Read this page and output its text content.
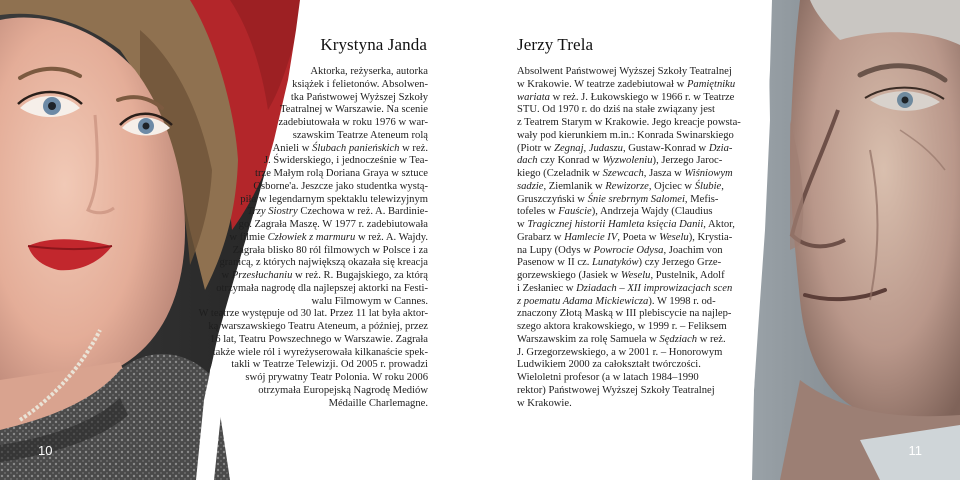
Krystyna Janda
Aktorka, reżyserka, autorka
książek i felietonów. Absolwen-
tka Państwowej Wyższej Szkoły
Teatralnej w Warszawie. Na scenie
zadebiutowała w roku 1976 w war-
szawskim Teatrze Ateneum rolą
Anieli w Ślubach panieńskich w reż.
J. Świderskiego, i jednocześnie w Tea-
trze Małym rolą Doriana Graya w sztuce
Osborne'a. Jeszcze jako studentka wystą-
piła w legendarnym spektaklu telewizyjnym
Trzy Siostry Czechowa w reż. A. Bardinie-
go. Zagrała Maszę. W 1977 r. zadebiutowała
w filmie Człowiek z marmuru w reż. A. Wajdy.
Zagrała blisko 80 ról filmowych w Polsce i za
granicą, z których największą okazała się kreacja
w Przesłuchaniu w reż. R. Bugajskiego, za którą
otrzymała nagrodę dla najlepszej aktorki na Festi-
walu Filmowym w Cannes.
W teatrze występuje od 30 lat. Przez 11 lat była aktor-
ką warszawskiego Teatru Ateneum, a później, przez
16 lat, Teatru Powszechnego w Warszawie. Zagrała
także wiele ról i wyreżyserowała kilkanaście spek-
takli w Teatrze Telewizji. Od 2005 r. prowadzi
swój prywatny Teatr Polonia. W roku 2006
otrzymała Europejską Nagrodę Mediów
Médaille Charlemagne.
10
Jerzy Trela
Absolwent Państwowej Wyższej Szkoły Teatralnej
w Krakowie. W teatrze zadebiutował w Pamiętniku
wariata w reż. J. Łukowskiego w 1966 r. w Teatrze
STU. Od 1970 r. do dziś na stałe związany jest
z Teatrem Starym w Krakowie. Jego kreacje powsta-
wały pod kierunkiem m.in.: Konrada Swinarskiego
(Piotr w Zegnaj, Judaszu, Gustaw-Konrad w Dzia-
dach czy Konrad w Wyzwoleniu), Jerzego Jaroc-
kiego (Czeladnik w Szewcach, Jasza w Wiśniowym
sadzie, Ziemlanik w Rewizorze, Ojciec w Ślubie,
Gruszczyński w Śnie srebrnym Salomei, Mefis-
tofeles w Fauście), Andrzeja Wajdy (Claudius
w Tragicznej historii Hamleta księcia Danii, Aktor,
Grabarz w Hamlecie IV, Poeta w Weselu), Krystia-
na Lupy (Odys w Powrocie Odysa, Joachim von
Pasenow w II cz. Lunatyków) czy Jerzego Grze-
gorzewskiego (Jasiek w Weselu, Pustelnik, Adolf
i Zesłaniec w Dziadach – XII improwizacjach scen
z poematu Adama Mickiewicza). W 1998 r. od-
znaczony Złotą Maską w III plebiscycie na najlep-
szego aktora krakowskiego, w 1999 r. – Feliksem
Warszawskim za rolę Samuela w Sędziach w reż.
J. Grzegorzewskiego, a w 2001 r. – Honorowym
Ludwikiem 2000 za całokształt twórczości.
Wieloletni profesor (a w latach 1984–1990
rektor) Państwowej Wyższej Szkoły Teatralnej
w Krakowie.
11
